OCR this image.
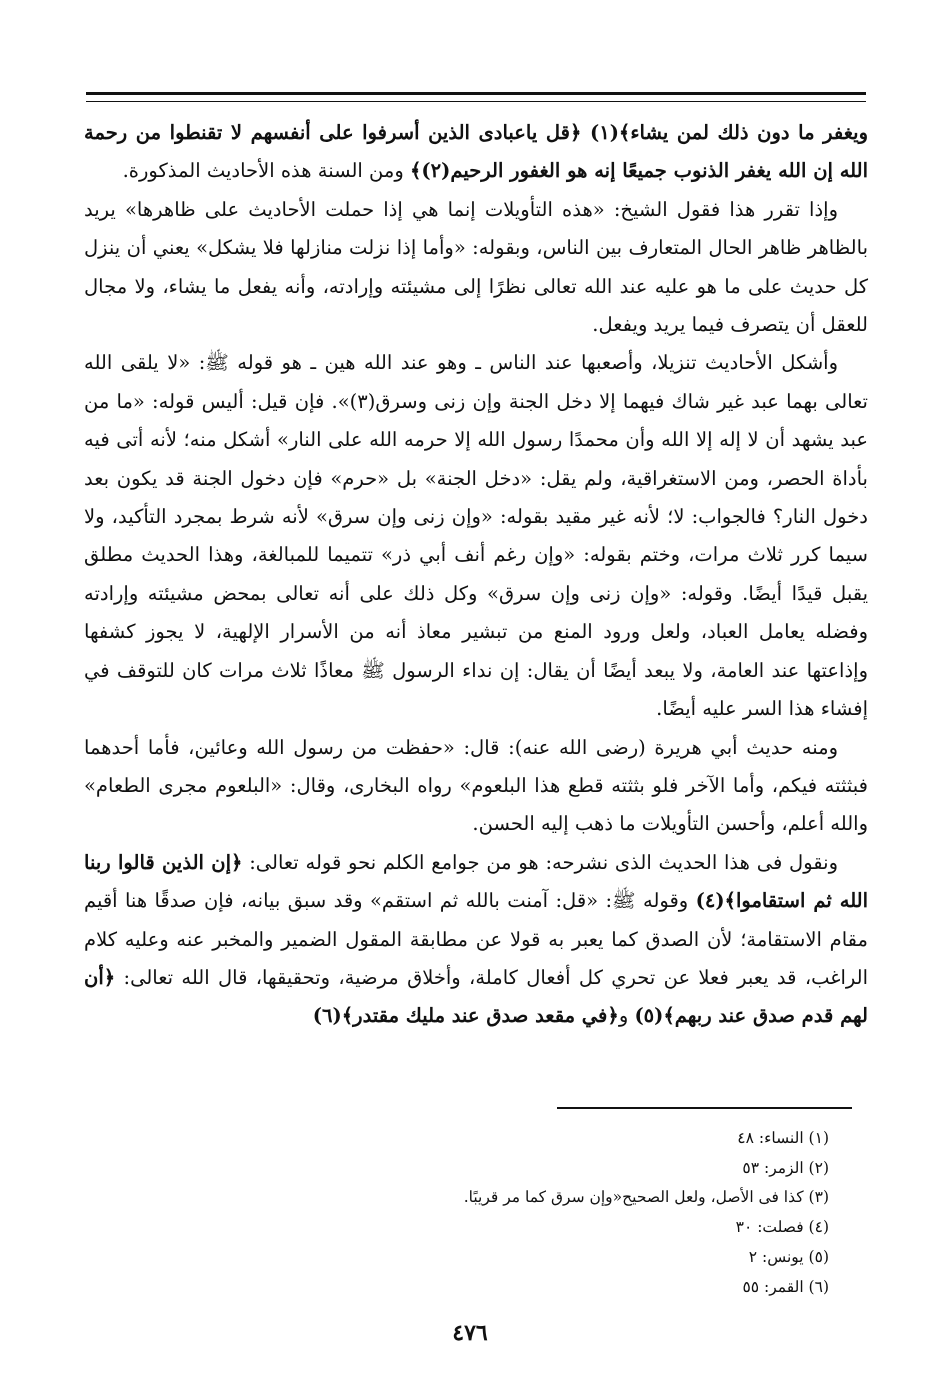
ويغفر ما دون ذلك لمن يشاء﴾(١) ﴿قل ياعبادى الذين أسرفوا على أنفسهم لا تقنطوا من رحمة الله إن الله يغفر الذنوب جميعًا إنه هو الغفور الرحيم(٢)﴾ ومن السنة هذه الأحاديث المذكورة.

وإذا تقرر هذا فقول الشيخ: «هذه التأويلات إنما هي إذا حملت الأحاديث على ظاهرها» يريد بالظاهر ظاهر الحال المتعارف بين الناس، وبقوله: «وأما إذا نزلت منازلها فلا يشكل» يعني أن ينزل كل حديث على ما هو عليه عند الله تعالى نظرًا إلى مشيئته وإرادته، وأنه يفعل ما يشاء، ولا مجال للعقل أن يتصرف فيما يريد ويفعل.

وأشكل الأحاديث تنزيلا، وأصعبها عند الناس ـ وهو عند الله هين ـ هو قوله ﷺ: «لا يلقى الله تعالى بهما عبد غير شاك فيهما إلا دخل الجنة وإن زنى وسرق(٣)». فإن قيل: أليس قوله: «ما من عبد يشهد أن لا إله إلا الله وأن محمدًا رسول الله إلا حرمه الله على النار» أشكل منه؛ لأنه أتى فيه بأداة الحصر، ومن الاستغراقية، ولم يقل: «دخل الجنة» بل «حرم» فإن دخول الجنة قد يكون بعد دخول النار؟ فالجواب: لا؛ لأنه غير مقيد بقوله: «وإن زنى وإن سرق» لأنه شرط بمجرد التأكيد، ولا سيما كرر ثلاث مرات، وختم بقوله: «وإن رغم أنف أبي ذر» تتميما للمبالغة، وهذا الحديث مطلق يقبل قيدًا أيضًا. وقوله: «وإن زنى وإن سرق» وكل ذلك على أنه تعالى بمحض مشيئته وإرادته وفضله يعامل العباد، ولعل ورود المنع من تبشير معاذ أنه من الأسرار الإلهية، لا يجوز كشفها وإذاعتها عند العامة، ولا يبعد أيضًا أن يقال: إن نداء الرسول ﷺ معاذًا ثلاث مرات كان للتوقف في إفشاء هذا السر عليه أيضًا.

ومنه حديث أبي هريرة (رضى الله عنه): قال: «حفظت من رسول الله وعائين، فأما أحدهما فبثثته فيكم، وأما الآخر فلو بثثته قطع هذا البلعوم» رواه البخارى، وقال: «البلعوم مجرى الطعام» والله أعلم، وأحسن التأويلات ما ذهب إليه الحسن.

ونقول فى هذا الحديث الذى نشرحه: هو من جوامع الكلم نحو قوله تعالى: ﴿إن الذين قالوا ربنا الله ثم استقاموا﴾(٤) وقوله ﷺ: «قل: آمنت بالله ثم استقم» وقد سبق بيانه، فإن صدقًا هنا أقيم مقام الاستقامة؛ لأن الصدق كما يعبر به قولا عن مطابقة المقول الضمير والمخبر عنه وعليه كلام الراغب، قد يعبر فعلا عن تحري كل أفعال كاملة، وأخلاق مرضية، وتحقيقها، قال الله تعالى: ﴿أن لهم قدم صدق عند ربهم﴾(٥) و﴿في مقعد صدق عند مليك مقتدر﴾(٦)

(١) النساء: ٤٨
(٢) الزمر: ٥٣
(٣) كذا فى الأصل، ولعل الصحيح«وإن سرق كما مر قريبًا.
(٤) فصلت: ٣٠
(٥) يونس: ٢
(٦) القمر: ٥٥
٤٧٦
